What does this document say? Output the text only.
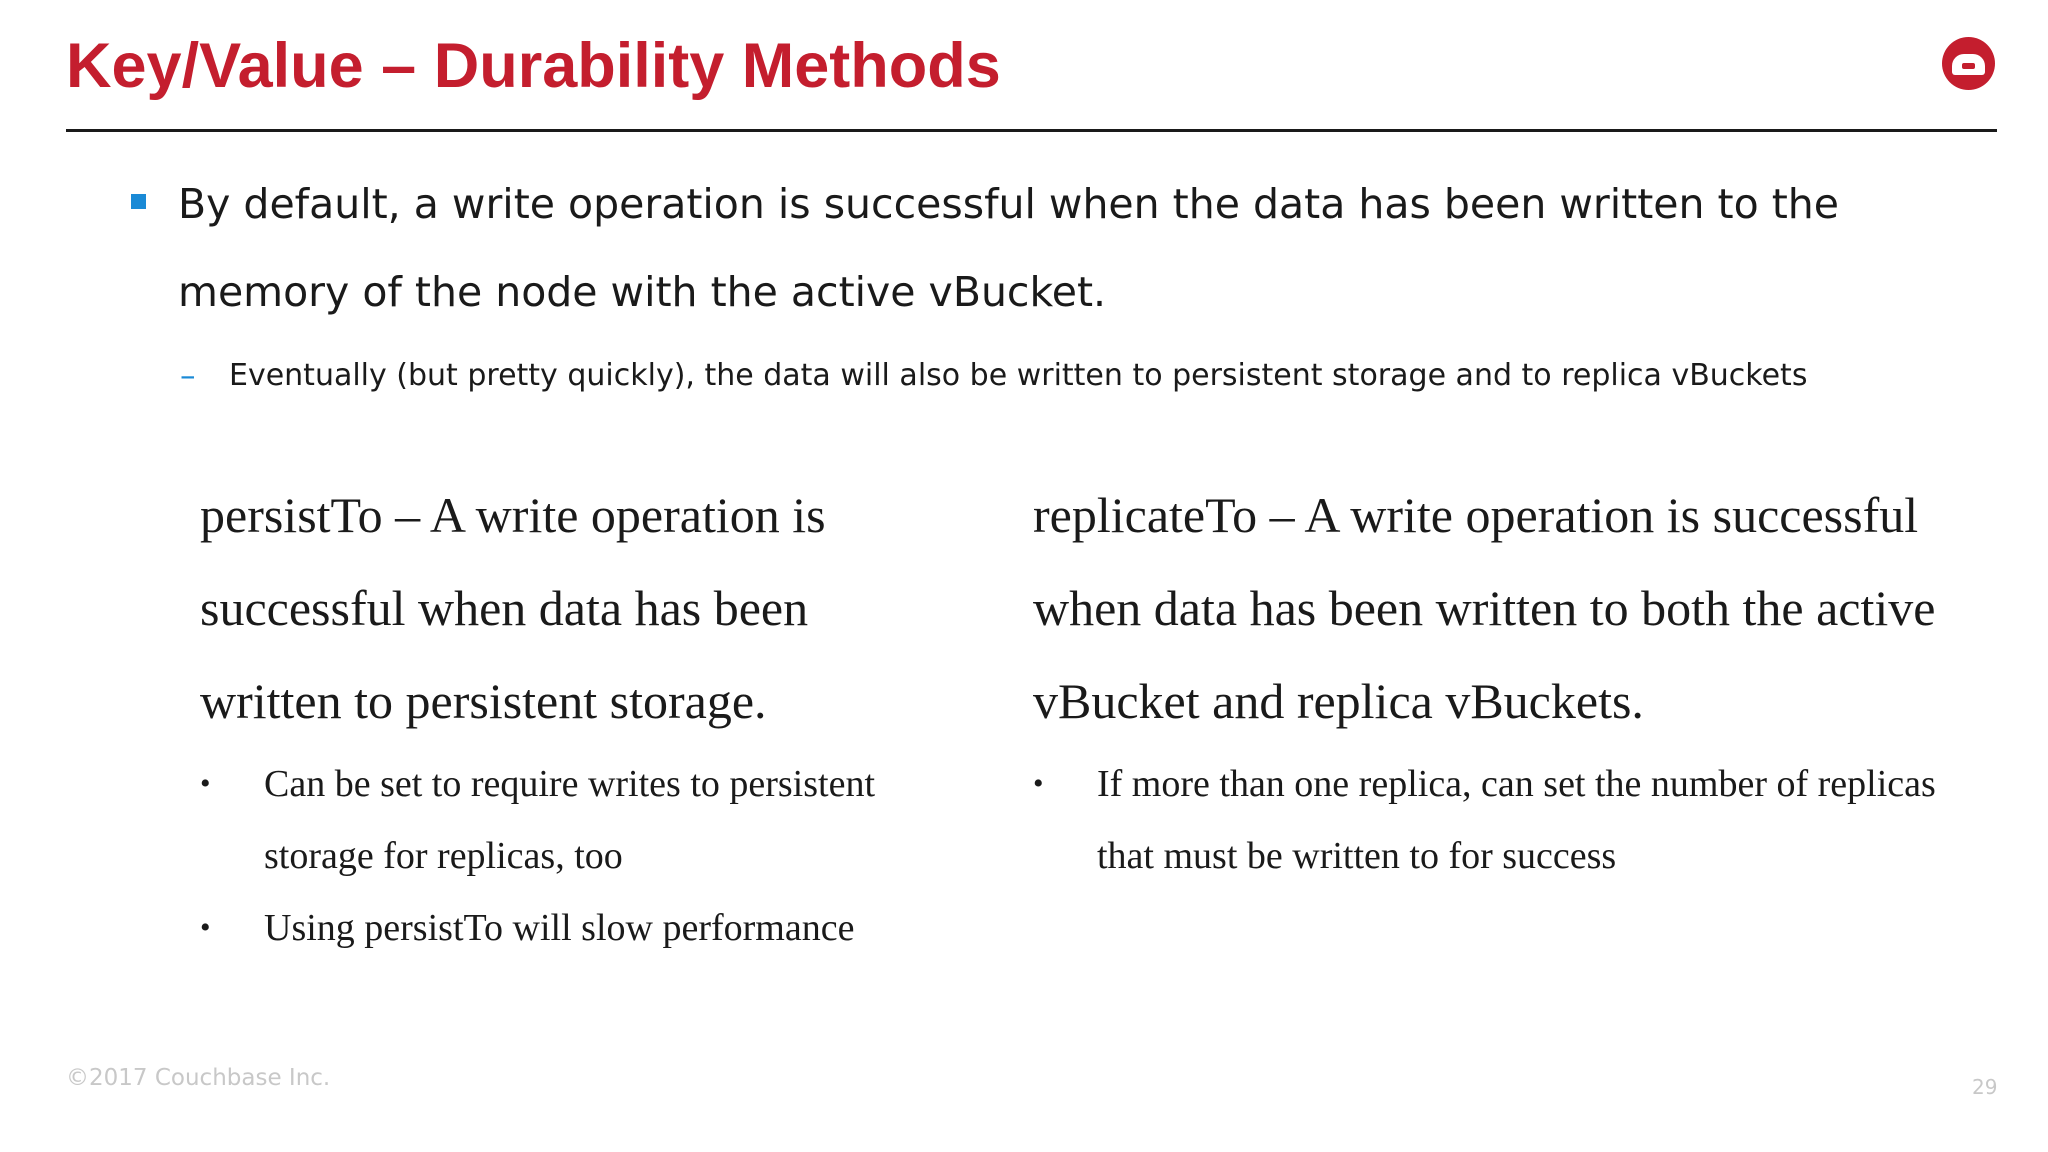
Key/Value – Durability Methods

By default, a write operation is successful when the data has been written to the memory of the node with the active vBucket.

– Eventually (but pretty quickly), the data will also be written to persistent storage and to replica vBuckets

persistTo – A write operation is successful when data has been written to persistent storage.

• Can be set to require writes to persistent storage for replicas, too
• Using persistTo will slow performance

replicateTo – A write operation is successful when data has been written to both the active vBucket and replica vBuckets.

• If more than one replica, can set the number of replicas that must be written to for success
©2017 Couchbase Inc.	29
